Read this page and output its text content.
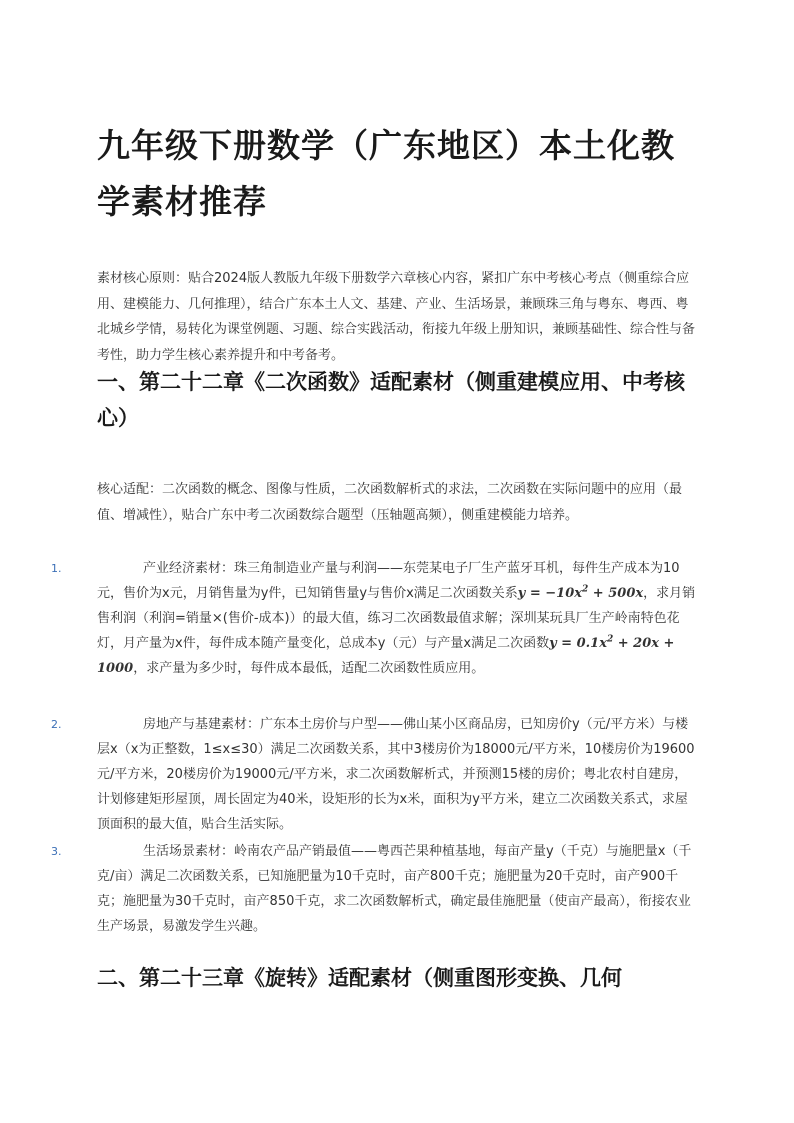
九年级下册数学（广东地区）本土化教学素材推荐

素材核心原则：贴合2024版人教版九年级下册数学六章核心内容，紧扣广东中考核心考点（侧重综合应用、建模能力、几何推理），结合广东本土人文、基建、产业、生活场景，兼顾珠三角与粤东、粤西、粤北城乡学情，易转化为课堂例题、习题、综合实践活动，衔接九年级上册知识，兼顾基础性、综合性与备考性，助力学生核心素养提升和中考备考。

一、第二十二章《二次函数》适配素材（侧重建模应用、中考核心）

核心适配：二次函数的概念、图像与性质，二次函数解析式的求法，二次函数在实际问题中的应用（最值、增减性），贴合广东中考二次函数综合题型（压轴题高频），侧重建模能力培养。

1.	产业经济素材：珠三角制造业产量与利润——东莞某电子厂生产蓝牙耳机，每件生产成本为10元，售价为x元，月销售量为y件，已知销售量y与售价x满足二次函数关系$y = -10x^2 + 500x$，求月销售利润（利润=销量×(售价-成本)）的最大值，练习二次函数最值求解；深圳某玩具厂生产岭南特色花灯，月产量为x件，每件成本随产量变化，总成本y（元）与产量x满足二次函数$y = 0.1x^2 + 20x + 1000$，求产量为多少时，每件成本最低，适配二次函数性质应用。

2.	房地产与基建素材：广东本土房价与户型——佛山某小区商品房，已知房价y（元/平方米）与楼层x（x为正整数，1≤x≤30）满足二次函数关系，其中3楼房价为18000元/平方米，10楼房价为19600元/平方米，20楼房价为19000元/平方米，求二次函数解析式，并预测15楼的房价；粤北农村自建房，计划修建矩形屋顶，周长固定为40米，设矩形的长为x米，面积为y平方米，建立二次函数关系式，求屋顶面积的最大值，贴合生活实际。

3.	生活场景素材：岭南农产品产销最值——粤西芒果种植基地，每亩产量y（千克）与施肥量x（千克/亩）满足二次函数关系，已知施肥量为10千克时，亩产800千克；施肥量为20千克时，亩产900千克；施肥量为30千克时，亩产850千克，求二次函数解析式，确定最佳施肥量（使亩产最高），衔接农业生产场景，易激发学生兴趣。

二、第二十三章《旋转》适配素材（侧重图形变换、几何
